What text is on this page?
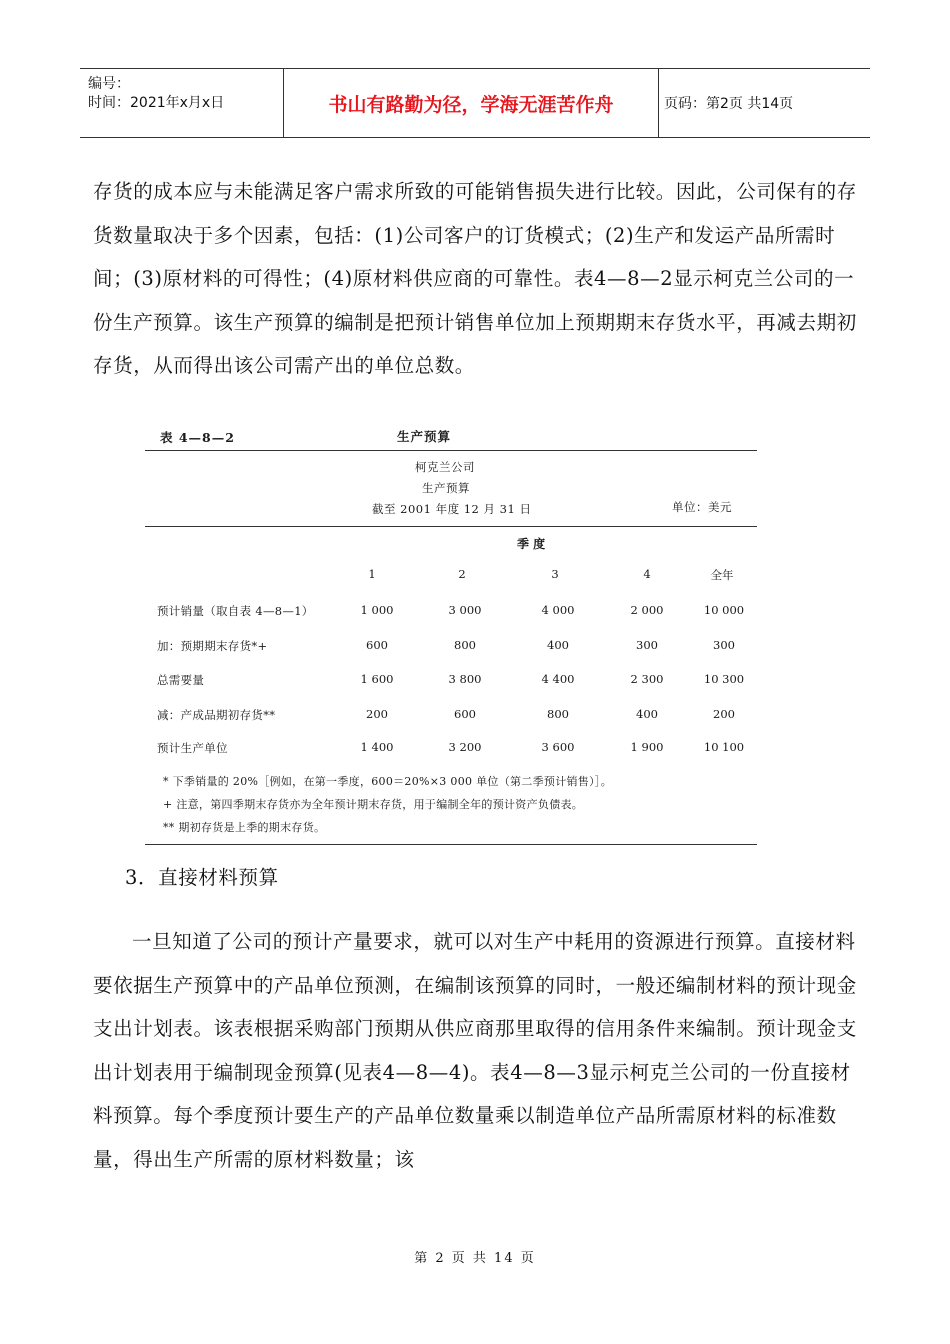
编号：
时间：2021年x月x日	书山有路勤为径，学海无涯苦作舟	页码：第2页 共14页

存货的成本应与未能满足客户需求所致的可能销售损失进行比较。因此，公司保有的存货数量取决于多个因素，包括：(1)公司客户的订货模式；(2)生产和发运产品所需时间；(3)原材料的可得性；(4)原材料供应商的可靠性。表4—8—2显示柯克兰公司的一份生产预算。该生产预算的编制是把预计销售单位加上预期期末存货水平，再减去期初存货，从而得出该公司需产出的单位总数。

表 4—8—2	生产预算
柯克兰公司
生产预算
截至 2001 年度 12 月 31 日	单位：美元
季 度
1	2	3	4	全年
预计销量（取自表 4—8—1）	1 000	3 000	4 000	2 000	10 000
加：预期期末存货*+	600	800	400	300	300
总需要量	1 600	3 800	4 400	2 300	10 300
减：产成品期初存货**	200	600	800	400	200
预计生产单位	1 400	3 200	3 600	1 900	10 100
* 下季销量的 20%［例如，在第一季度，600＝20%×3 000 单位（第二季预计销售）］。
+ 注意，第四季期末存货亦为全年预计期末存货，用于编制全年的预计资产负债表。
** 期初存货是上季的期末存货。
3．直接材料预算

一旦知道了公司的预计产量要求，就可以对生产中耗用的资源进行预算。直接材料要依据生产预算中的产品单位预测，在编制该预算的同时，一般还编制材料的预计现金支出计划表。该表根据采购部门预期从供应商那里取得的信用条件来编制。预计现金支出计划表用于编制现金预算(见表4—8—4)。表4—8—3显示柯克兰公司的一份直接材料预算。每个季度预计要生产的产品单位数量乘以制造单位产品所需原材料的标准数量，得出生产所需的原材料数量；该

第 2 页 共 14 页
